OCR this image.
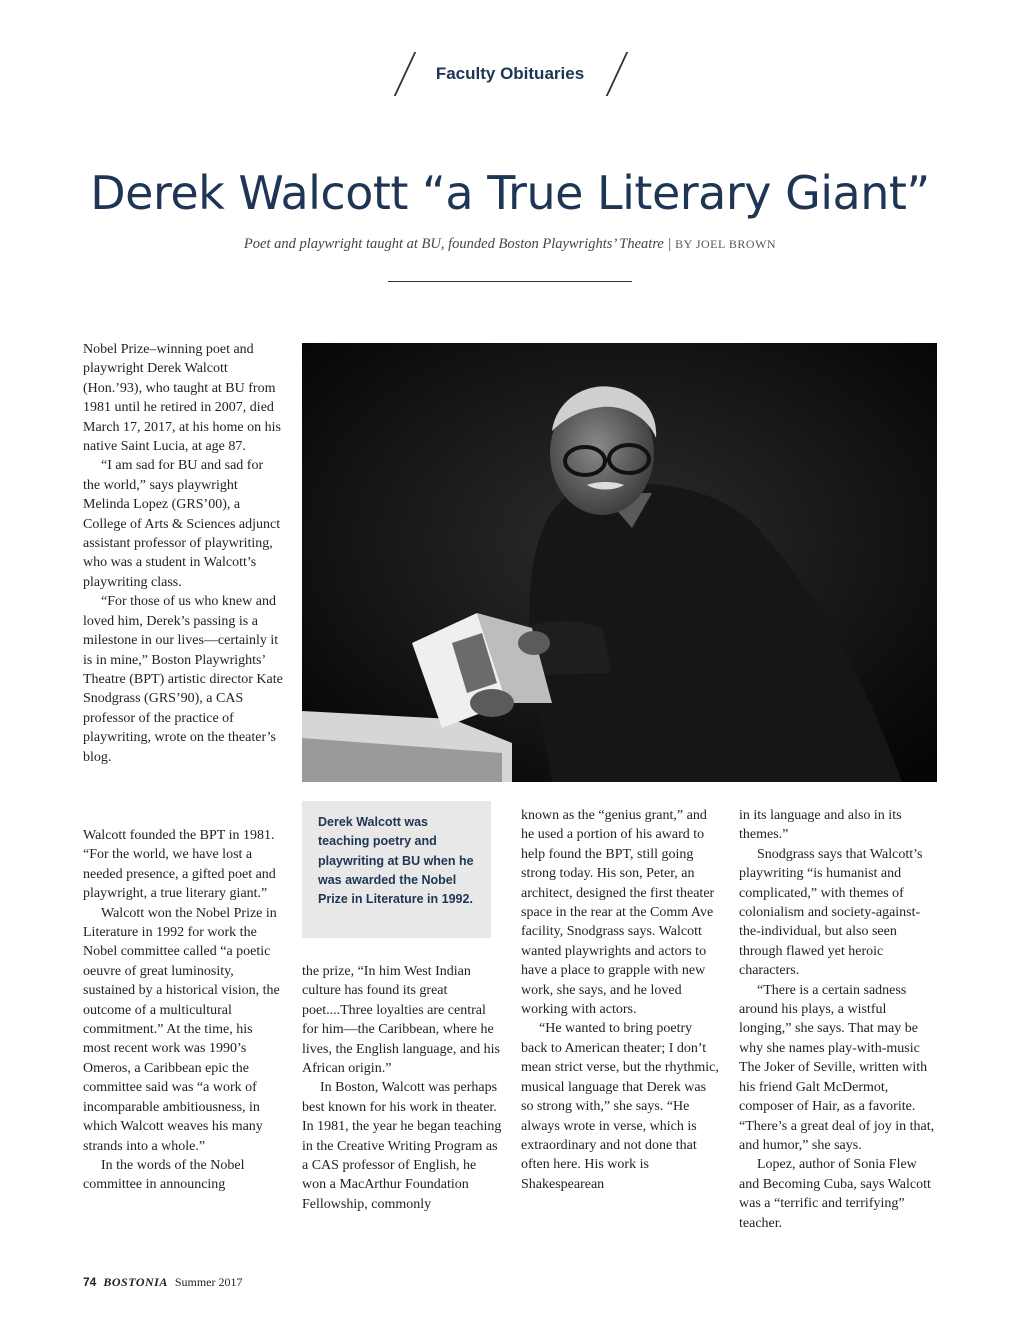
Faculty Obituaries
Derek Walcott “a True Literary Giant”
Poet and playwright taught at BU, founded Boston Playwrights’ Theatre | BY JOEL BROWN
Derek Walcott was teaching poetry and playwriting at BU when he was awarded the Nobel Prize in Literature in 1992.

Nobel Prize–winning poet and playwright Derek Walcott (Hon.’93), who taught at BU from 1981 until he retired in 2007, died March 17, 2017, at his home on his native Saint Lucia, at age 87.

“I am sad for BU and sad for the world,” says playwright Melinda Lopez (GRS’00), a College of Arts & Sciences adjunct assistant professor of playwriting, who was a student in Walcott’s playwriting class.

“For those of us who knew and loved him, Derek’s passing is a milestone in our lives—certainly it is in mine,” Boston Playwrights’ Theatre (BPT) artistic director Kate Snodgrass (GRS’90), a CAS professor of the practice of playwriting, wrote on the theater’s blog.

Walcott founded the BPT in 1981. “For the world, we have lost a needed presence, a gifted poet and playwright, a true literary giant.”

Walcott won the Nobel Prize in Literature in 1992 for work the Nobel committee called “a poetic oeuvre of great luminosity, sustained by a historical vision, the outcome of a multicultural commitment.” At the time, his most recent work was 1990’s Omeros, a Caribbean epic the committee said was “a work of incomparable ambitiousness, in which Walcott weaves his many strands into a whole.”

In the words of the Nobel committee in announcing

the prize, “In him West Indian culture has found its great poet....Three loyalties are central for him—the Caribbean, where he lives, the English language, and his African origin.”

In Boston, Walcott was perhaps best known for his work in theater. In 1981, the year he began teaching in the Creative Writing Program as a CAS professor of English, he won a MacArthur Foundation Fellowship, commonly

known as the “genius grant,” and he used a portion of his award to help found the BPT, still going strong today. His son, Peter, an architect, designed the first theater space in the rear at the Comm Ave facility, Snodgrass says. Walcott wanted playwrights and actors to have a place to grapple with new work, she says, and he loved working with actors.

“He wanted to bring poetry back to American theater; I don’t mean strict verse, but the rhythmic, musical language that Derek was so strong with,” she says. “He always wrote in verse, which is extraordinary and not done that often here. His work is Shakespearean

in its language and also in its themes.”

Snodgrass says that Walcott’s playwriting “is humanist and complicated,” with themes of colonialism and society-against-the-individual, but also seen through flawed yet heroic characters.

“There is a certain sadness around his plays, a wistful longing,” she says. That may be why she names play-with-music The Joker of Seville, written with his friend Galt McDermot, composer of Hair, as a favorite. “There’s a great deal of joy in that, and humor,” she says.

Lopez, author of Sonia Flew and Becoming Cuba, says Walcott was a “terrific and terrifying” teacher.

74 BOSTONIA Summer 2017
